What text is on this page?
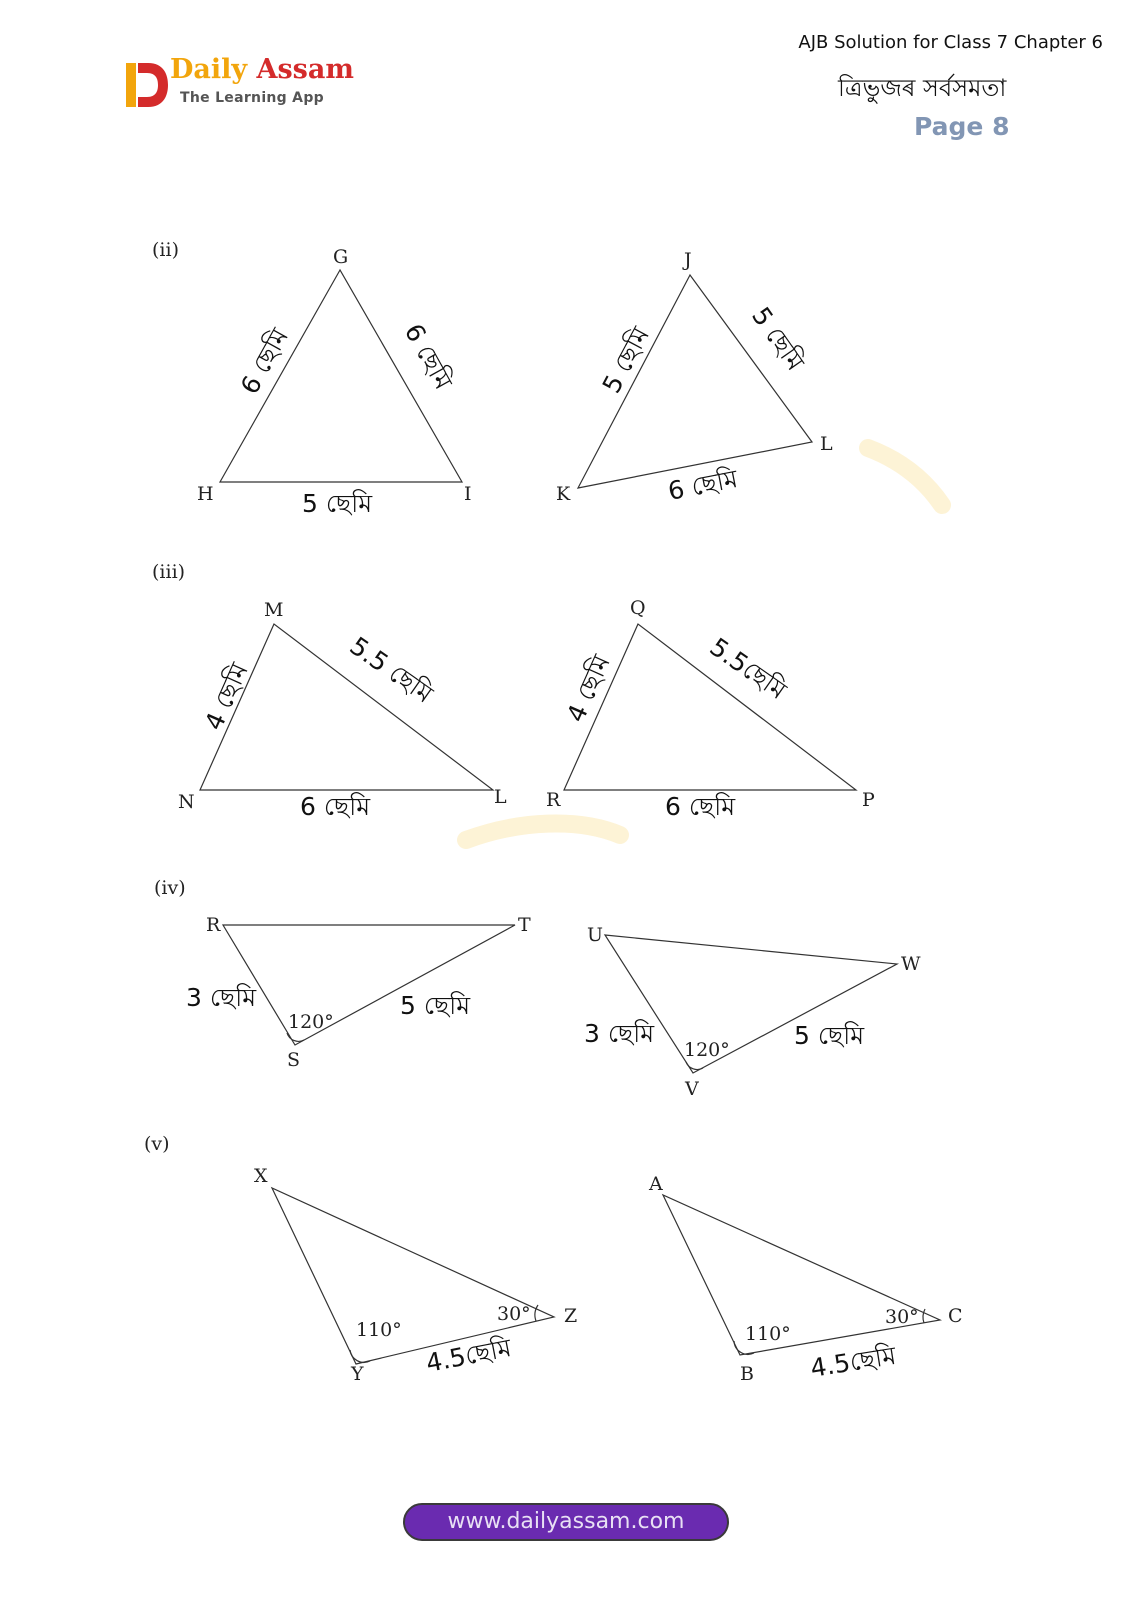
Daily Assam
The Learning App
AJB Solution for Class 7 Chapter 6
ত্ৰিভুজৰ সৰ্বসমতা
Page 8
(ii)
(iii)
(iv)
(v)
G
H	I
J
K
L
M
N	L
Q
R	P
R	T
S
U
W
V
120°
120°
X
Y
Z
A
B
C
110°
30°
110°
30°
6 ছেমি	6 ছেমি
5 ছেমি
5 ছেমি	5 ছেমি
6 ছেমি
4 ছেমি	5.5 ছেমি
6 ছেমি
4 ছেমি	5.5ছেমি
6 ছেমি
3 ছেমি	5 ছেমি
3 ছেমি	5 ছেমি
4.5ছেমি	4.5ছেমি
www.dailyassam.com
